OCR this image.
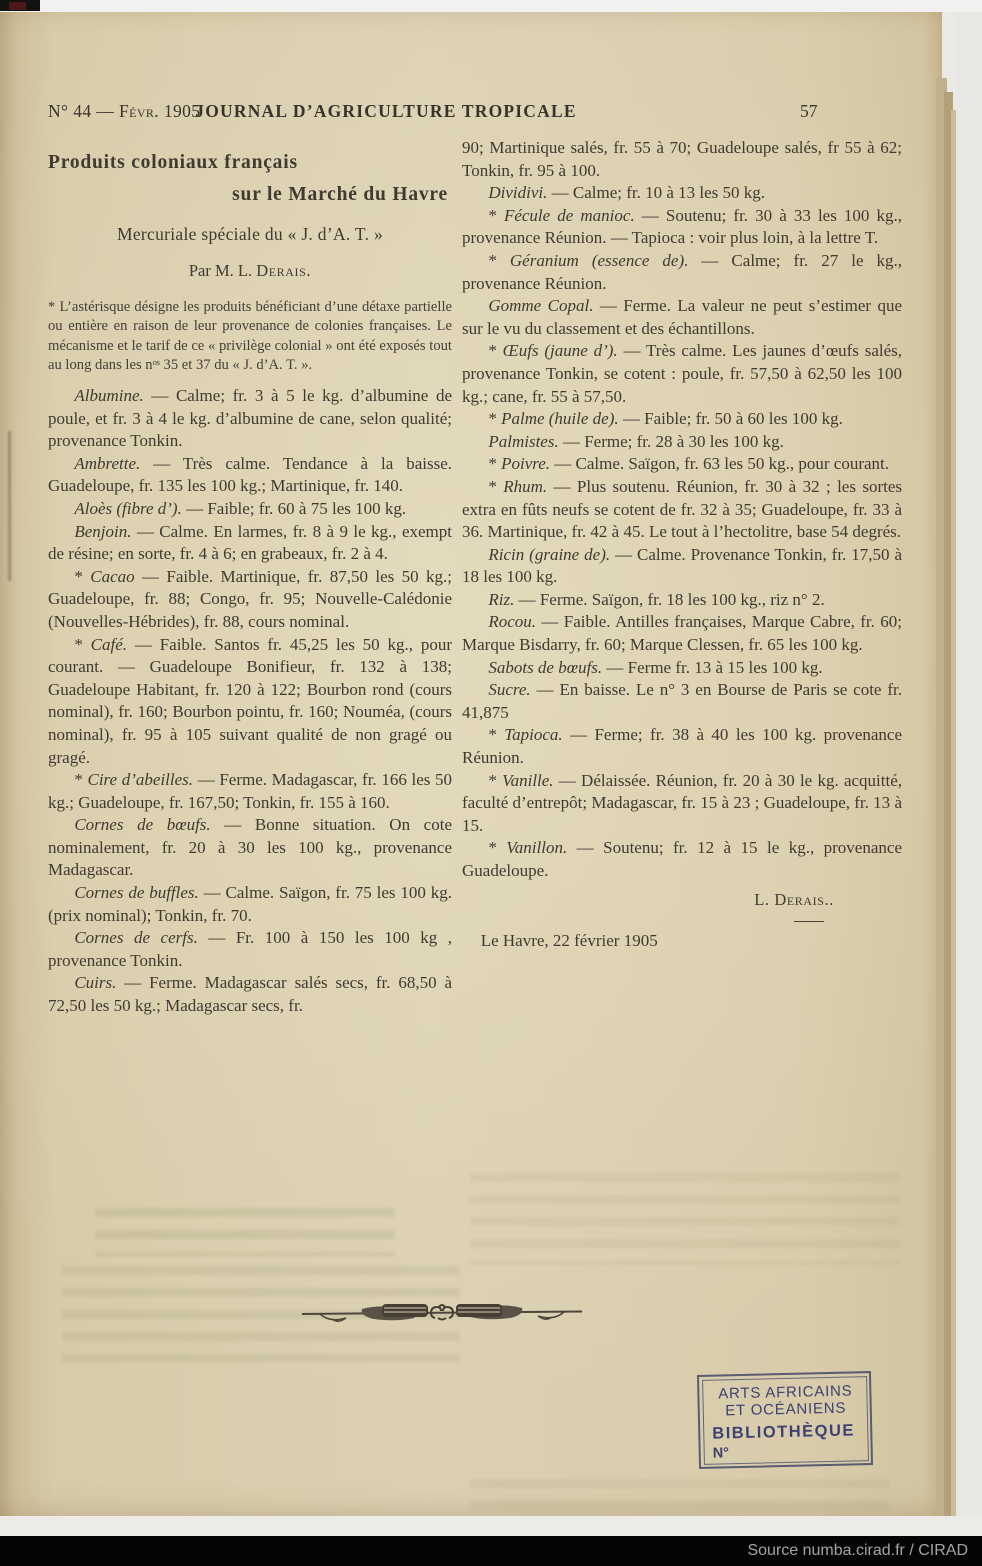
N° 44 — Févr. 1905
JOURNAL D’AGRICULTURE TROPICALE	57
Produits coloniaux français
sur le Marché du Havre
Mercuriale spéciale du « J. d’A. T. »
Par M. L. Derais.

* L’astérisque désigne les produits bénéficiant d’une détaxe partielle ou entière en raison de leur provenance de colonies françaises. Le mécanisme et le tarif de ce « privilège colonial » ont été exposés tout au long dans les nᵒˢ 35 et 37 du « J. d’A. T. ».

Albumine. — Calme; fr. 3 à 5 le kg. d’albumine de poule, et fr. 3 à 4 le kg. d’albumine de cane, selon qualité; provenance Tonkin.

Ambrette. — Très calme. Tendance à la baisse. Guadeloupe, fr. 135 les 100 kg.; Martinique, fr. 140.

Aloès (fibre d’). — Faible; fr. 60 à 75 les 100 kg.

Benjoin. — Calme. En larmes, fr. 8 à 9 le kg., exempt de résine; en sorte, fr. 4 à 6; en grabeaux, fr. 2 à 4.

* Cacao — Faible. Martinique, fr. 87,50 les 50 kg.; Guadeloupe, fr. 88; Congo, fr. 95; Nouvelle-Calédonie (Nouvelles-Hébrides), fr. 88, cours nominal.

* Café. — Faible. Santos fr. 45,25 les 50 kg., pour courant. — Guadeloupe Bonifieur, fr. 132 à 138; Guadeloupe Habitant, fr. 120 à 122; Bourbon rond (cours nominal), fr. 160; Bourbon pointu, fr. 160; Nouméa, (cours nominal), fr. 95 à 105 suivant qualité de non gragé ou gragé.

* Cire d’abeilles. — Ferme. Madagascar, fr. 166 les 50 kg.; Guadeloupe, fr. 167,50; Tonkin, fr. 155 à 160.

Cornes de bœufs. — Bonne situation. On cote nominalement, fr. 20 à 30 les 100 kg., provenance Madagascar.

Cornes de buffles. — Calme. Saïgon, fr. 75 les 100 kg. (prix nominal); Tonkin, fr. 70.

Cornes de cerfs. — Fr. 100 à 150 les 100 kg , provenance Tonkin.

Cuirs. — Ferme. Madagascar salés secs, fr. 68,50 à 72,50 les 50 kg.; Madagascar secs, fr.

90; Martinique salés, fr. 55 à 70; Guadeloupe salés, fr 55 à 62; Tonkin, fr. 95 à 100.

Dividivi. — Calme; fr. 10 à 13 les 50 kg.

* Fécule de manioc. — Soutenu; fr. 30 à 33 les 100 kg., provenance Réunion. — Tapioca : voir plus loin, à la lettre T.

* Géranium (essence de). — Calme; fr. 27 le kg., provenance Réunion.

Gomme Copal. — Ferme. La valeur ne peut s’estimer que sur le vu du classement et des échantillons.

* Œufs (jaune d’). — Très calme. Les jaunes d’œufs salés, provenance Tonkin, se cotent : poule, fr. 57,50 à 62,50 les 100 kg.; cane, fr. 55 à 57,50.

* Palme (huile de). — Faible; fr. 50 à 60 les 100 kg.

Palmistes. — Ferme; fr. 28 à 30 les 100 kg.

* Poivre. — Calme. Saïgon, fr. 63 les 50 kg., pour courant.

* Rhum. — Plus soutenu. Réunion, fr. 30 à 32 ; les sortes extra en fûts neufs se cotent de fr. 32 à 35; Guadeloupe, fr. 33 à 36. Martinique, fr. 42 à 45. Le tout à l’hectolitre, base 54 degrés.

Ricin (graine de). — Calme. Provenance Tonkin, fr. 17,50 à 18 les 100 kg.

Riz. — Ferme. Saïgon, fr. 18 les 100 kg., riz n° 2.

Rocou. — Faible. Antilles françaises, Marque Cabre, fr. 60; Marque Bisdarry, fr. 60; Marque Clessen, fr. 65 les 100 kg.

Sabots de bœufs. — Ferme fr. 13 à 15 les 100 kg.

Sucre. — En baisse. Le n° 3 en Bourse de Paris se cote fr. 41,875

* Tapioca. — Ferme; fr. 38 à 40 les 100 kg. provenance Réunion.

* Vanille. — Délaissée. Réunion, fr. 20 à 30 le kg. acquitté, faculté d’entrepôt; Madagascar, fr. 15 à 23 ; Guadeloupe, fr. 13 à 15.

* Vanillon. — Soutenu; fr. 12 à 15 le kg., provenance Guadeloupe.

L. Derais..

Le Havre, 22 février 1905

ARTS AFRICAINS
ET OCÉANIENS
BIBLIOTHÈQUE
N°
Source numba.cirad.fr / CIRAD
